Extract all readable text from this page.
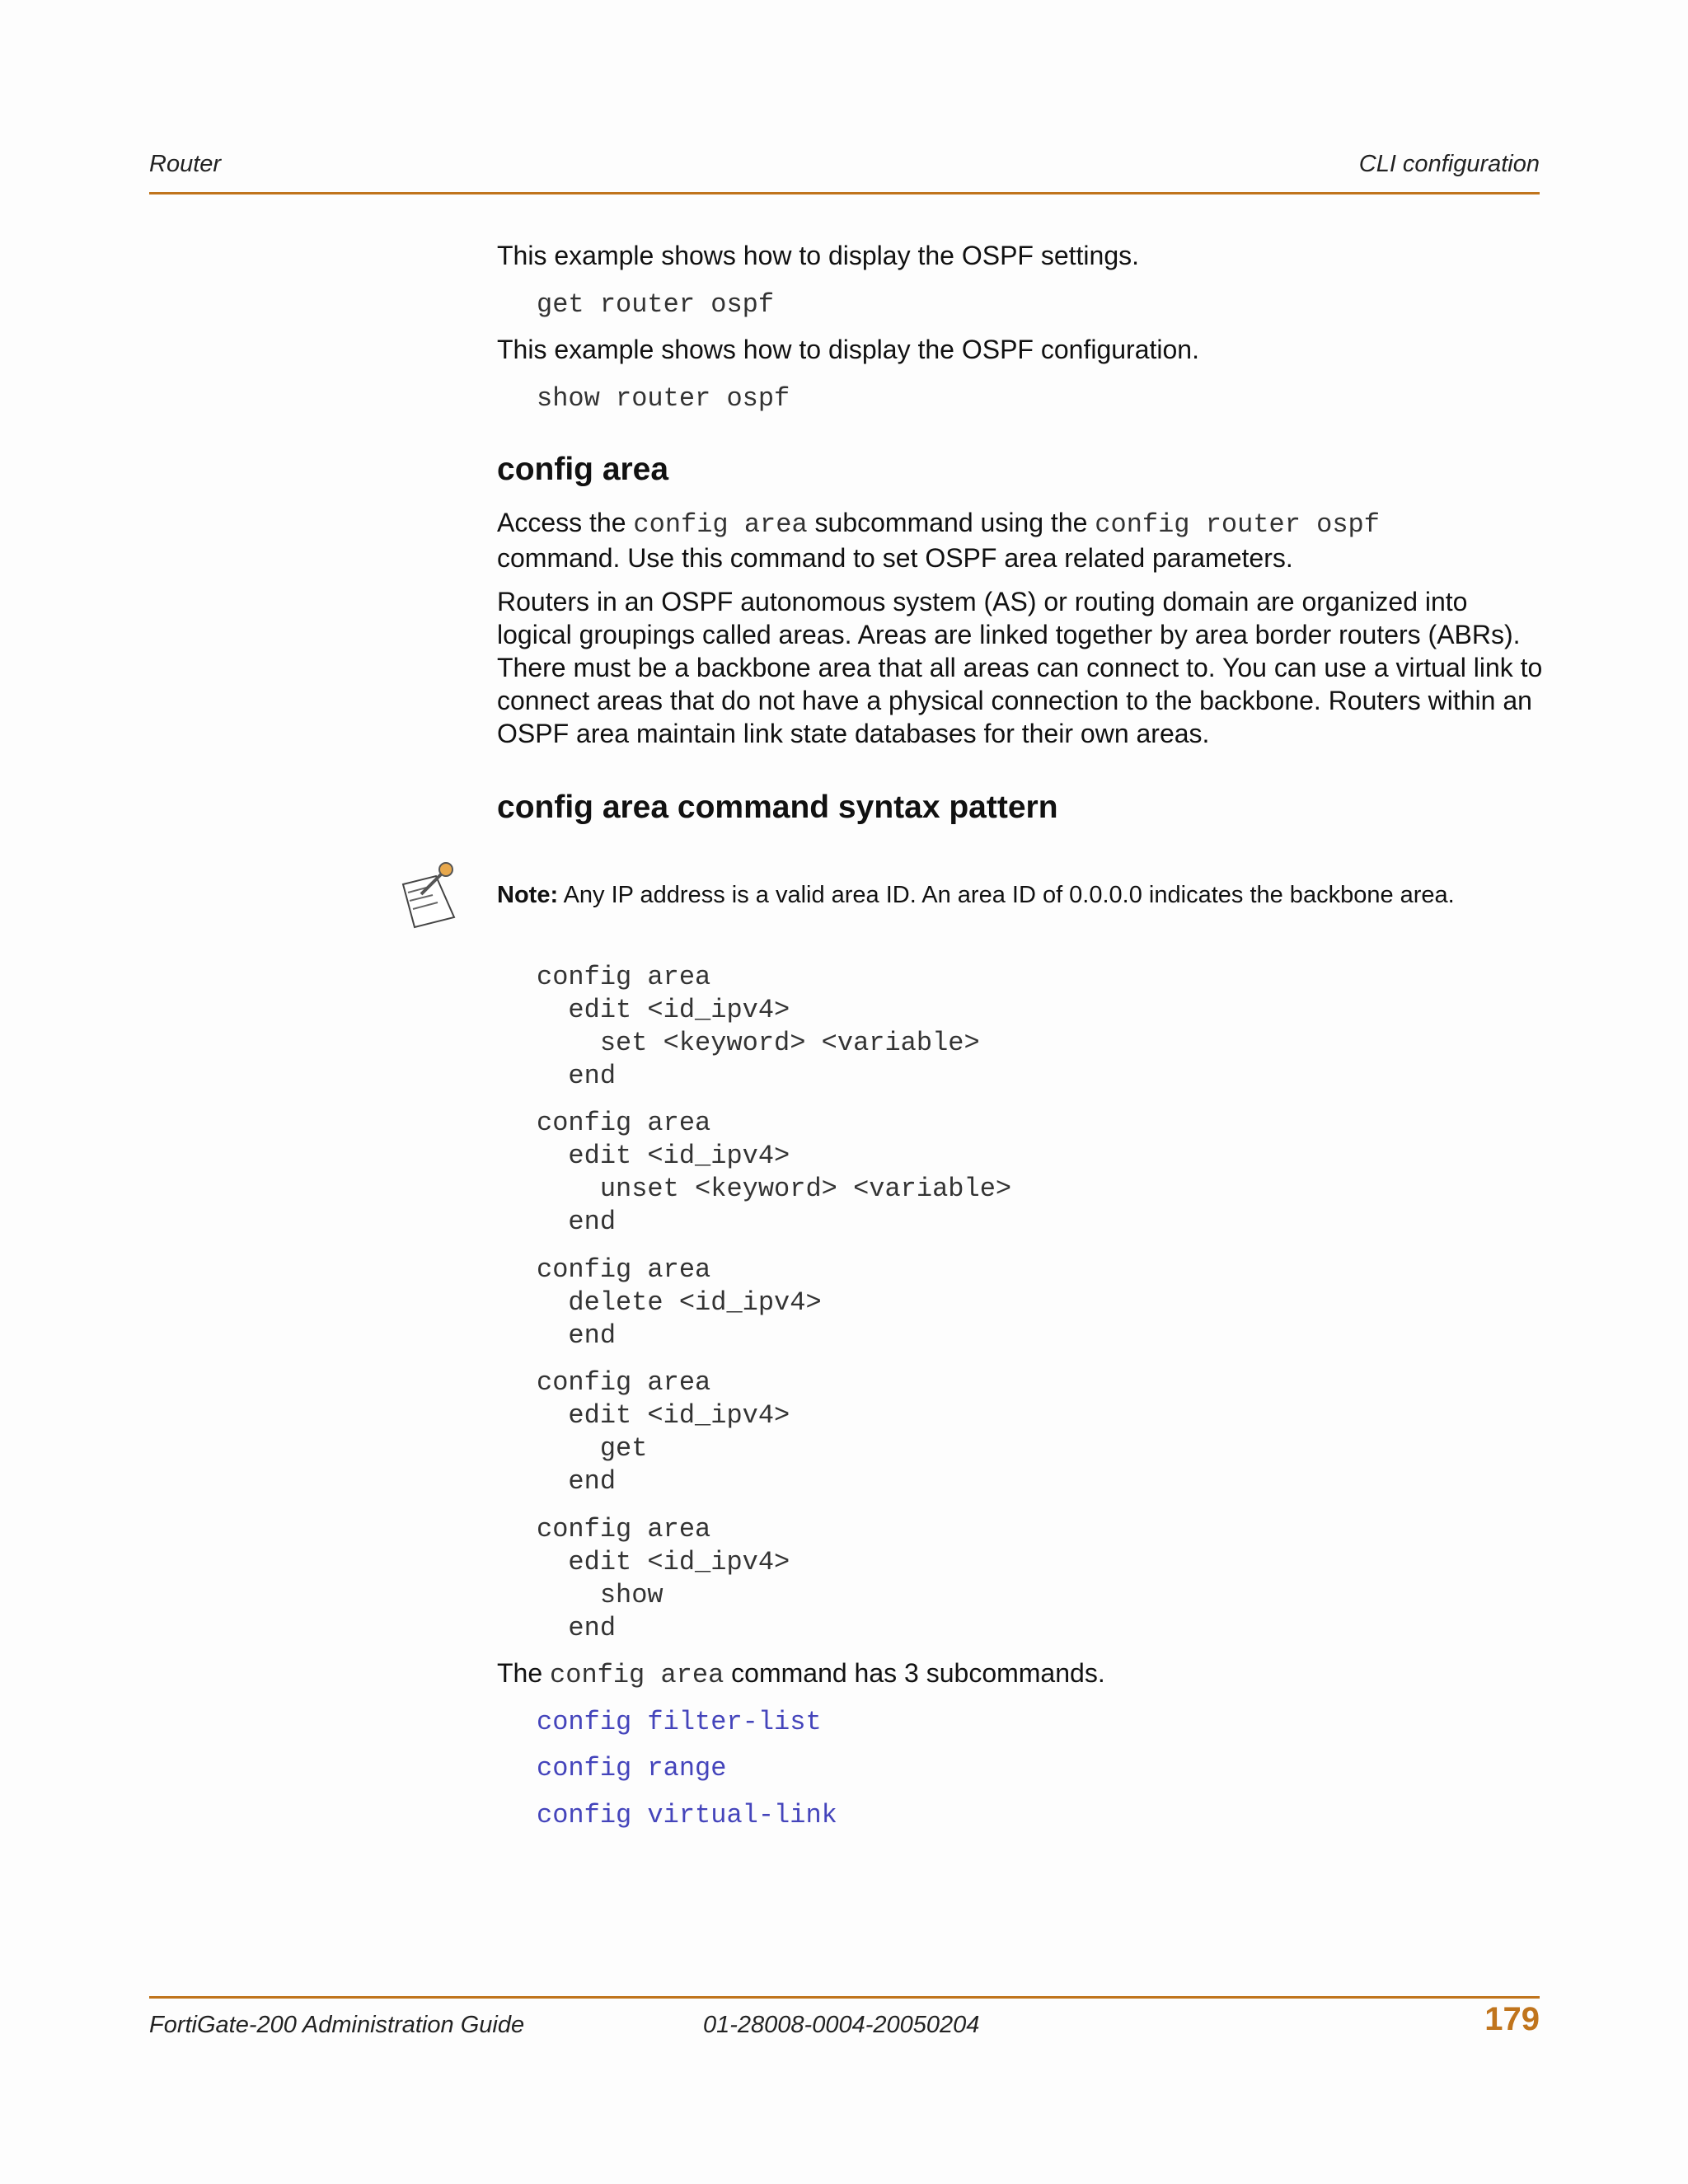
Router	CLI configuration
This example shows how to display the OSPF settings.
get router ospf
This example shows how to display the OSPF configuration.
show router ospf
config area
Access the config area subcommand using the config router ospf
command. Use this command to set OSPF area related parameters.
Routers in an OSPF autonomous system (AS) or routing domain are organized into logical groupings called areas. Areas are linked together by area border routers (ABRs). There must be a backbone area that all areas can connect to. You can use a virtual link to connect areas that do not have a physical connection to the backbone. Routers within an OSPF area maintain link state databases for their own areas.
config area command syntax pattern
Note: Any IP address is a valid area ID. An area ID of 0.0.0.0 indicates the backbone area.
config area
edit <id_ipv4>
set <keyword> <variable>
end
config area
edit <id_ipv4>
unset <keyword> <variable>
end
config area
delete <id_ipv4>
end
config area
edit <id_ipv4>
get
end
config area
edit <id_ipv4>
show
end
The config area command has 3 subcommands.
config filter-list
config range
config virtual-link
FortiGate-200 Administration Guide	01-28008-0004-20050204	179
